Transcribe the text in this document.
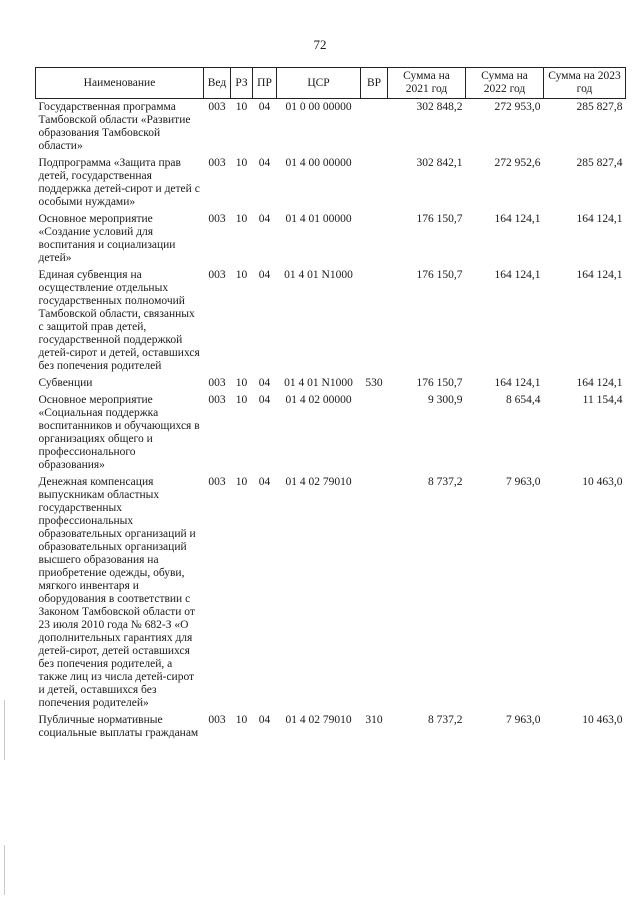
72
Наименование	Вед	РЗ	ПР	ЦСР	ВР	Сумма на 2021 год	Сумма на 2022 год	Сумма на 2023 год
Государственная программа Тамбовской области «Развитие образования Тамбовской области»	003	10	04	01 0 00 00000		302 848,2	272 953,0	285 827,8
Подпрограмма «Защита прав детей, государственная поддержка детей-сирот и детей с особыми нуждами»	003	10	04	01 4 00 00000		302 842,1	272 952,6	285 827,4
Основное мероприятие «Создание условий для воспитания и социализации детей»	003	10	04	01 4 01 00000		176 150,7	164 124,1	164 124,1
Единая субвенция на осуществление отдельных государственных полномочий Тамбовской области, связанных с защитой прав детей, государственной поддержкой детей-сирот и детей, оставшихся без попечения родителей	003	10	04	01 4 01 N1000		176 150,7	164 124,1	164 124,1
Субвенции	003	10	04	01 4 01 N1000	530	176 150,7	164 124,1	164 124,1
Основное мероприятие «Социальная поддержка воспитанников и обучающихся в организациях общего и профессионального образования»	003	10	04	01 4 02 00000		9 300,9	8 654,4	11 154,4
Денежная компенсация выпускникам областных государственных профессиональных образовательных организаций и образовательных организаций высшего образования на приобретение одежды, обуви, мягкого инвентаря и оборудования в соответствии с Законом Тамбовской области от 23 июля 2010 года № 682-З «О дополнительных гарантиях для детей-сирот, детей оставшихся без попечения родителей, а также лиц из числа детей-сирот и детей, оставшихся без попечения родителей»	003	10	04	01 4 02 79010		8 737,2	7 963,0	10 463,0
Публичные нормативные социальные выплаты гражданам	003	10	04	01 4 02 79010	310	8 737,2	7 963,0	10 463,0
